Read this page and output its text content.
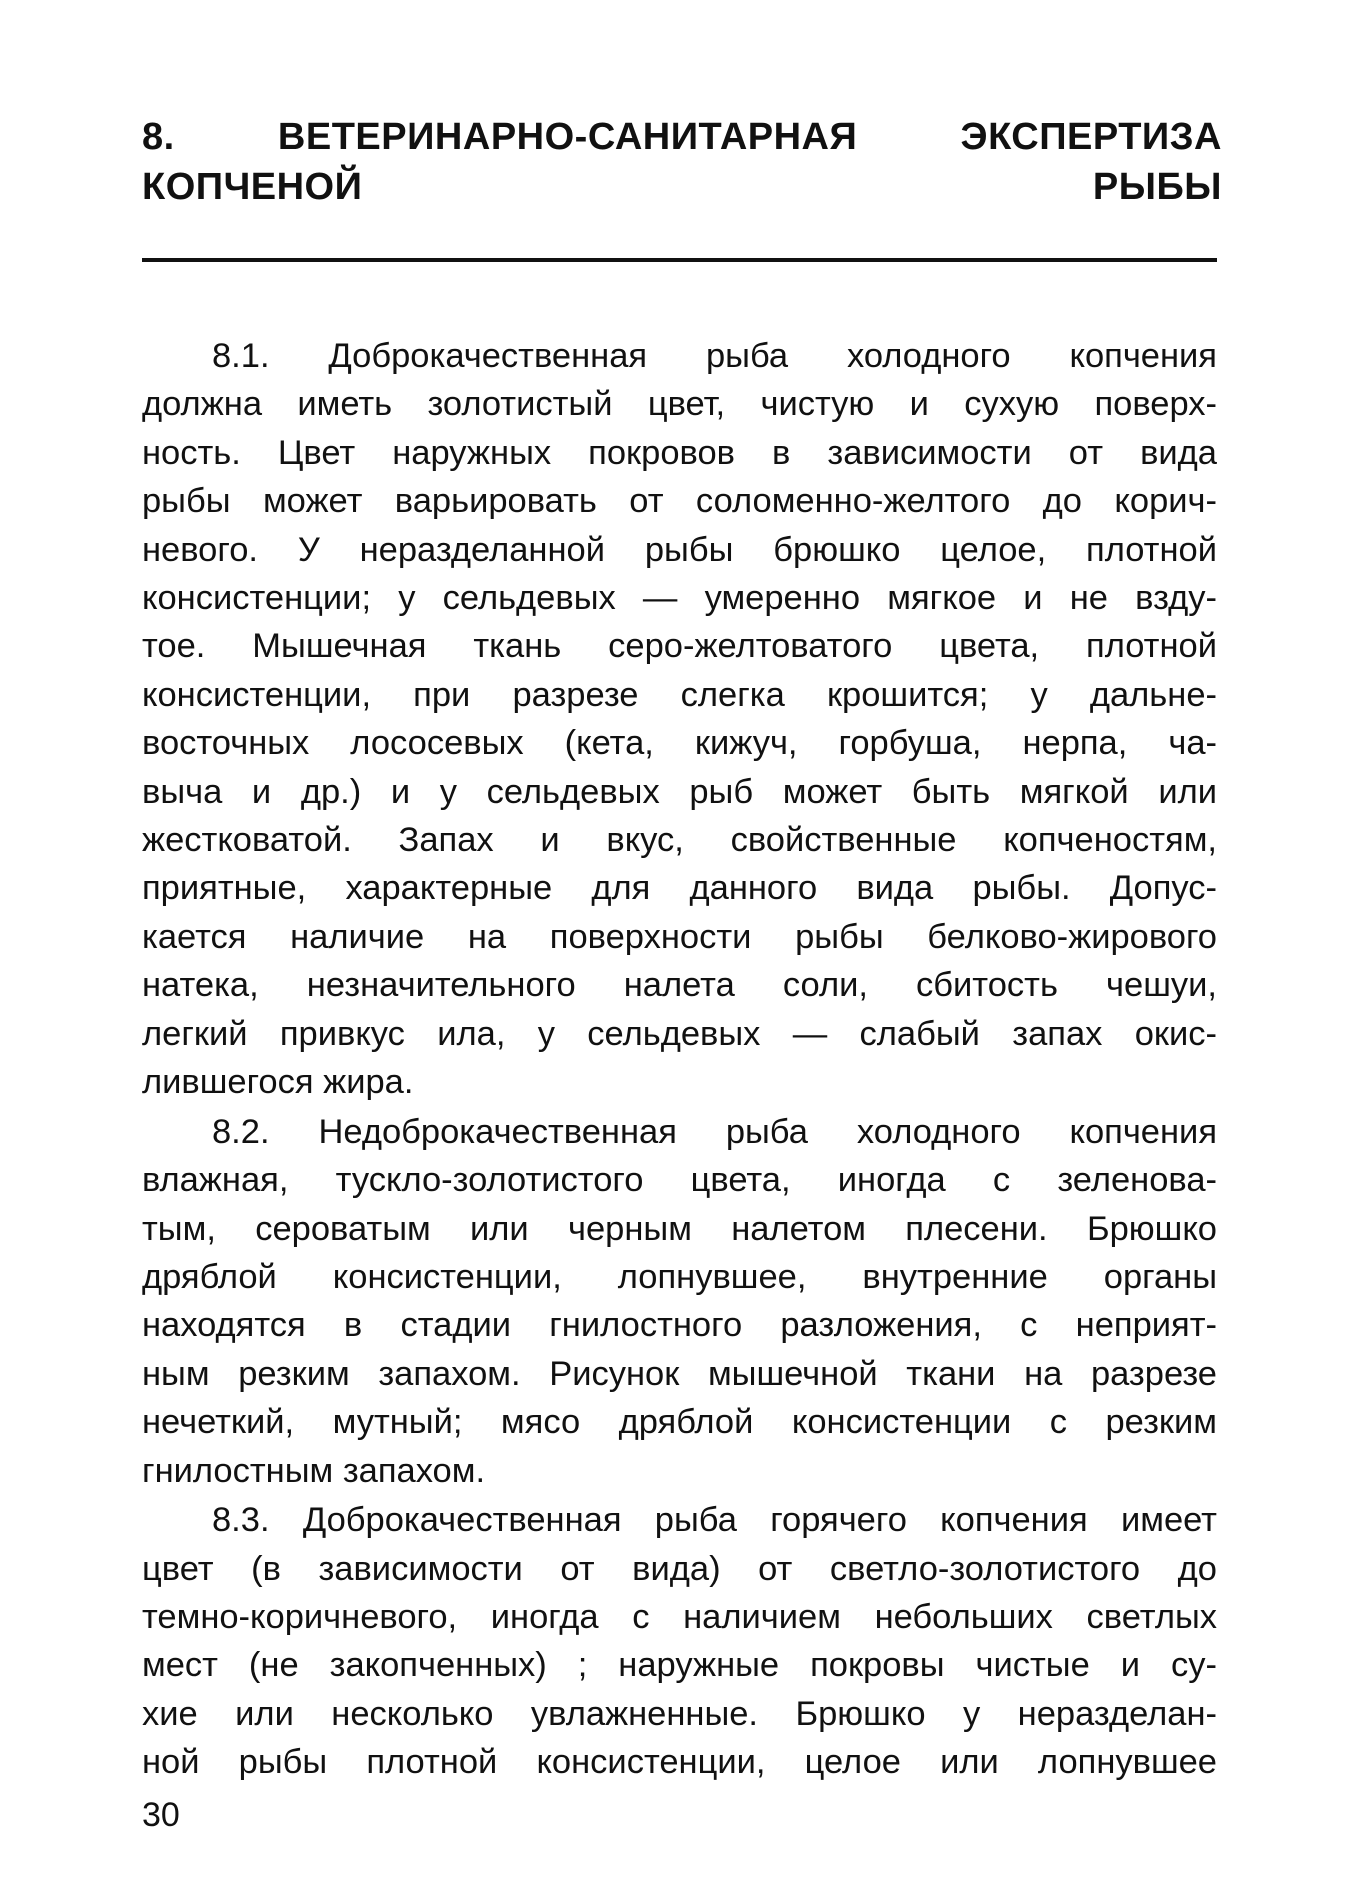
8. ВЕТЕРИНАРНО-САНИТАРНАЯ ЭКСПЕРТИЗА
КОПЧЕНОЙ РЫБЫ

8.1. Доброкачественная рыба холодного копчения
должна иметь золотистый цвет, чистую и сухую поверх-
ность. Цвет наружных покровов в зависимости от вида
рыбы может варьировать от соломенно-желтого до корич-
невого. У неразделанной рыбы брюшко целое, плотной
консистенции; у сельдевых — умеренно мягкое и не взду-
тое. Мышечная ткань серо-желтоватого цвета, плотной
консистенции, при разрезе слегка крошится; у дальне-
восточных лососевых (кета, кижуч, горбуша, нерпа, ча-
выча и др.) и у сельдевых рыб может быть мягкой или
жестковатой. Запах и вкус, свойственные копченостям,
приятные, характерные для данного вида рыбы. Допус-
кается наличие на поверхности рыбы белково-жирового
натека, незначительного налета соли, сбитость чешуи,
легкий привкус ила, у сельдевых — слабый запах окис-
лившегося жира.

8.2. Недоброкачественная рыба холодного копчения
влажная, тускло-золотистого цвета, иногда с зеленова-
тым, сероватым или черным налетом плесени. Брюшко
дряблой консистенции, лопнувшее, внутренние органы
находятся в стадии гнилостного разложения, с неприят-
ным резким запахом. Рисунок мышечной ткани на разрезе
нечеткий, мутный; мясо дряблой консистенции с резким
гнилостным запахом.

8.3. Доброкачественная рыба горячего копчения имеет
цвет (в зависимости от вида) от светло-золотистого до
темно-коричневого, иногда с наличием небольших светлых
мест (не закопченных) ; наружные покровы чистые и су-
хие или несколько увлажненные. Брюшко у неразделан-
ной рыбы плотной консистенции, целое или лопнувшее

30
